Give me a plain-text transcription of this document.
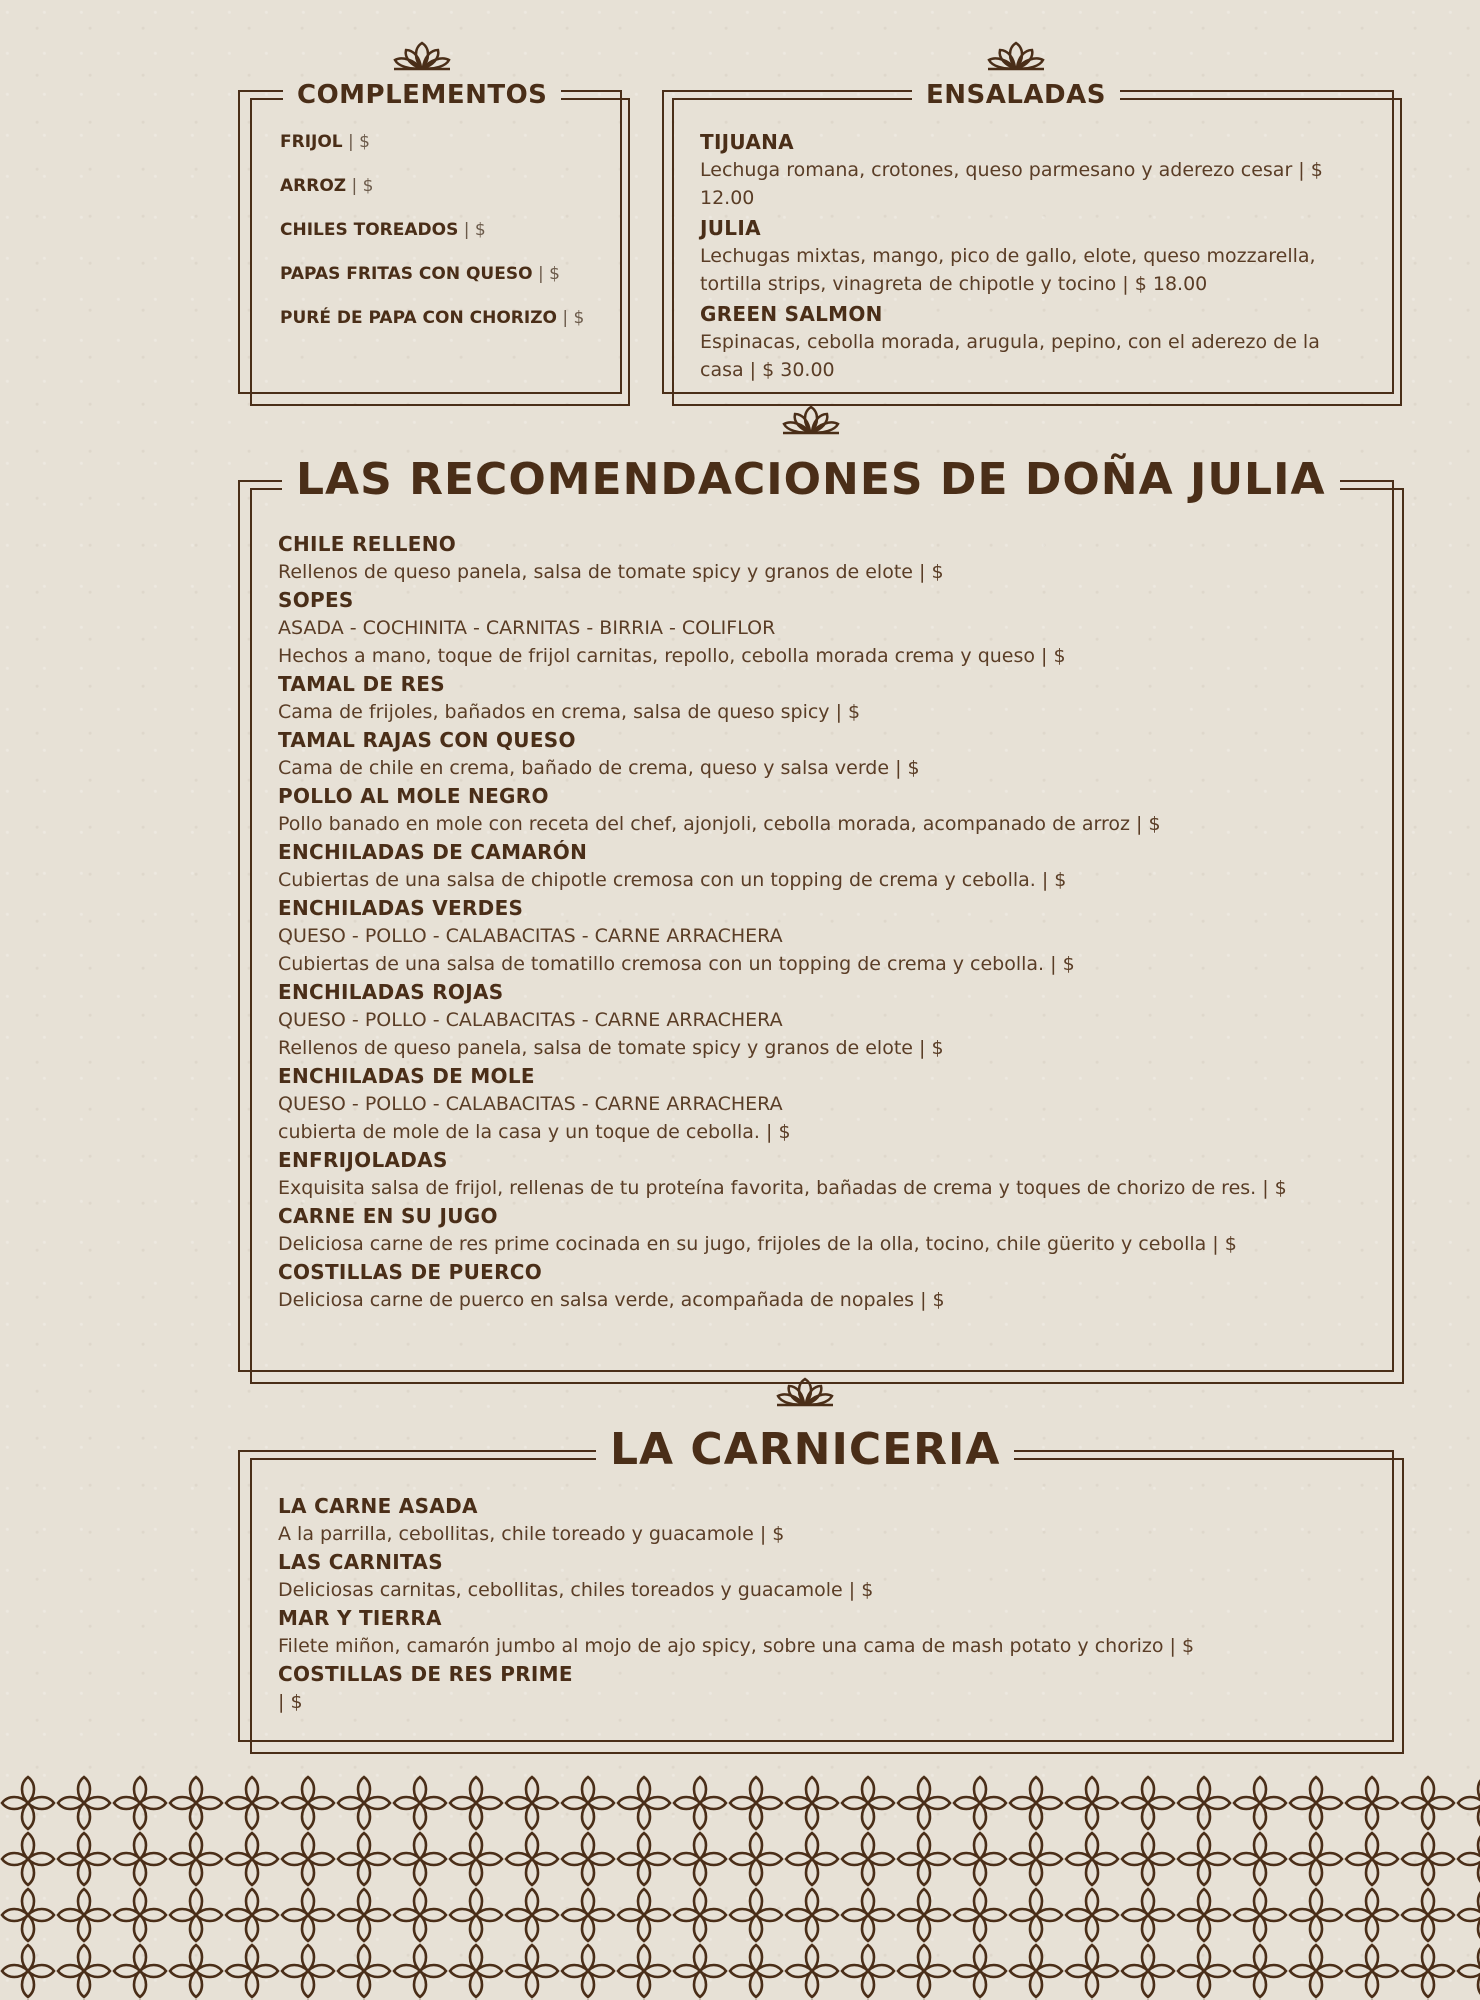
COMPLEMENTOS
FRIJOL | $
ARROZ | $
CHILES TOREADOS | $
PAPAS FRITAS CON QUESO | $
PURÉ DE PAPA CON CHORIZO | $
ENSALADAS
TIJUANA
Lechuga romana, crotones, queso parmesano y aderezo cesar | $ 12.00
JULIA
Lechugas mixtas, mango, pico de gallo, elote, queso mozzarella, tortilla strips, vinagreta de chipotle y tocino | $ 18.00
GREEN SALMON
Espinacas, cebolla morada, arugula, pepino, con el aderezo de la casa | $ 30.00
LAS RECOMENDACIONES DE DOÑA JULIA
CHILE RELLENO
Rellenos de queso panela, salsa de tomate spicy y granos de elote | $
SOPES
ASADA - COCHINITA - CARNITAS - BIRRIA - COLIFLOR
Hechos a mano, toque de frijol carnitas, repollo, cebolla morada crema y queso | $
TAMAL DE RES
Cama de frijoles, bañados en crema, salsa de queso spicy | $
TAMAL RAJAS CON QUESO
Cama de chile en crema, bañado de crema, queso y salsa verde | $
POLLO AL MOLE NEGRO
Pollo banado en mole con receta del chef, ajonjoli, cebolla morada, acompanado de arroz | $
ENCHILADAS DE CAMARÓN
Cubiertas de una salsa de chipotle cremosa con un topping de crema y cebolla. | $
ENCHILADAS VERDES
QUESO - POLLO - CALABACITAS - CARNE ARRACHERA
Cubiertas de una salsa de tomatillo cremosa con un topping de crema y cebolla. | $
ENCHILADAS ROJAS
QUESO - POLLO - CALABACITAS - CARNE ARRACHERA
Rellenos de queso panela, salsa de tomate spicy y granos de elote | $
ENCHILADAS DE MOLE
QUESO - POLLO - CALABACITAS - CARNE ARRACHERA
cubierta de mole de la casa y un toque de cebolla. | $
ENFRIJOLADAS
Exquisita salsa de frijol, rellenas de tu proteína favorita, bañadas de crema y toques de chorizo de res. | $
CARNE EN SU JUGO
Deliciosa carne de res prime cocinada en su jugo, frijoles de la olla, tocino, chile güerito y cebolla | $
COSTILLAS DE PUERCO
Deliciosa carne de puerco en salsa verde, acompañada de nopales | $
LA CARNICERIA
LA CARNE ASADA
A la parrilla, cebollitas, chile toreado y guacamole | $
LAS CARNITAS
Deliciosas carnitas, cebollitas, chiles toreados y guacamole | $
MAR Y TIERRA
Filete miñon, camarón jumbo al mojo de ajo spicy, sobre una cama de mash potato y chorizo | $
COSTILLAS DE RES PRIME
| $
